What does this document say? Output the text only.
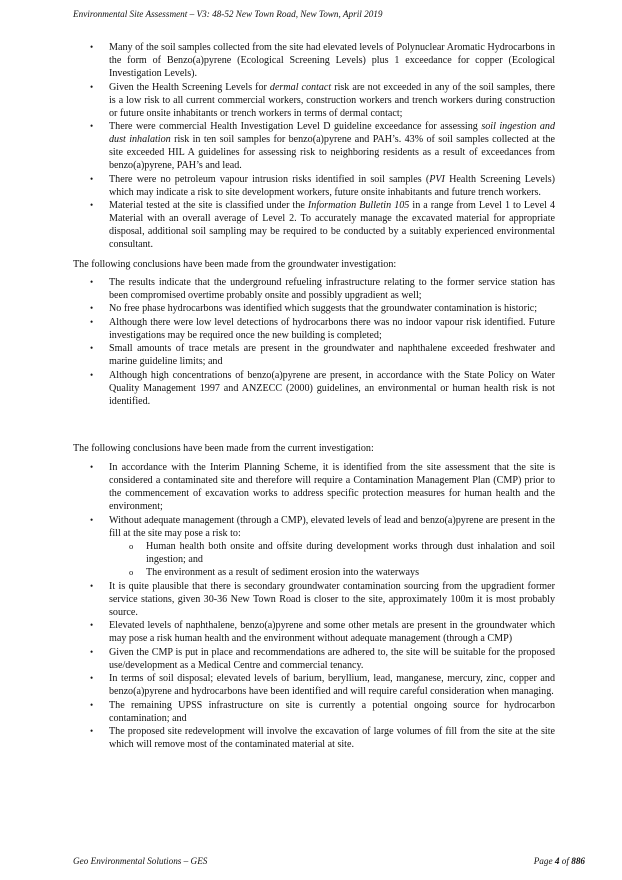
Environmental Site Assessment – V3: 48-52 New Town Road, New Town, April 2019
• Many of the soil samples collected from the site had elevated levels of Polynuclear Aromatic Hydrocarbons in the form of Benzo(a)pyrene (Ecological Screening Levels) plus 1 exceedance for copper (Ecological Investigation Levels).
• Given the Health Screening Levels for dermal contact risk are not exceeded in any of the soil samples, there is a low risk to all current commercial workers, construction workers and trench workers during construction or future onsite inhabitants or trench workers in terms of dermal contact;
• There were commercial Health Investigation Level D guideline exceedance for assessing soil ingestion and dust inhalation risk in ten soil samples for benzo(a)pyrene and PAH’s. 43% of soil samples collected at the site exceeded HIL A guidelines for assessing risk to neighboring residents as a result of exceedances from benzo(a)pyrene, PAH’s and lead.
• There were no petroleum vapour intrusion risks identified in soil samples (PVI Health Screening Levels) which may indicate a risk to site development workers, future onsite inhabitants and future trench workers.
• Material tested at the site is classified under the Information Bulletin 105 in a range from Level 1 to Level 4 Material with an overall average of Level 2. To accurately manage the excavated material for appropriate disposal, additional soil sampling may be required to be conducted by a suitably experienced environmental consultant.

The following conclusions have been made from the groundwater investigation:

• The results indicate that the underground refueling infrastructure relating to the former service station has been compromised overtime probably onsite and possibly upgradient as well;
• No free phase hydrocarbons was identified which suggests that the groundwater contamination is historic;
• Although there were low level detections of hydrocarbons there was no indoor vapour risk identified. Future investigations may be required once the new building is completed;
• Small amounts of trace metals are present in the groundwater and naphthalene exceeded freshwater and marine guideline limits; and
• Although high concentrations of benzo(a)pyrene are present, in accordance with the State Policy on Water Quality Management 1997 and ANZECC (2000) guidelines, an environmental or human health risk is not identified.

The following conclusions have been made from the current investigation:

• In accordance with the Interim Planning Scheme, it is identified from the site assessment that the site is considered a contaminated site and therefore will require a Contamination Management Plan (CMP) prior to the commencement of excavation works to address specific protection measures for human health and the environment;
• Without adequate management (through a CMP), elevated levels of lead and benzo(a)pyrene are present in the fill at the site may pose a risk to:
o Human health both onsite and offsite during development works through dust inhalation and soil ingestion; and
o The environment as a result of sediment erosion into the waterways
• It is quite plausible that there is secondary groundwater contamination sourcing from the upgradient former service stations, given 30-36 New Town Road is closer to the site, approximately 100m it is most probably source.
• Elevated levels of naphthalene, benzo(a)pyrene and some other metals are present in the groundwater which may pose a risk human health and the environment without adequate management (through a CMP)
• Given the CMP is put in place and recommendations are adhered to, the site will be suitable for the proposed use/development as a Medical Centre and commercial tenancy.
• In terms of soil disposal; elevated levels of barium, beryllium, lead, manganese, mercury, zinc, copper and benzo(a)pyrene and hydrocarbons have been identified and will require careful consideration when managing.
• The remaining UPSS infrastructure on site is currently a potential ongoing source for hydrocarbon contamination; and
• The proposed site redevelopment will involve the excavation of large volumes of fill from the site at the site which will remove most of the contaminated material at site.
Geo Environmental Solutions – GES	Page 4 of 886
